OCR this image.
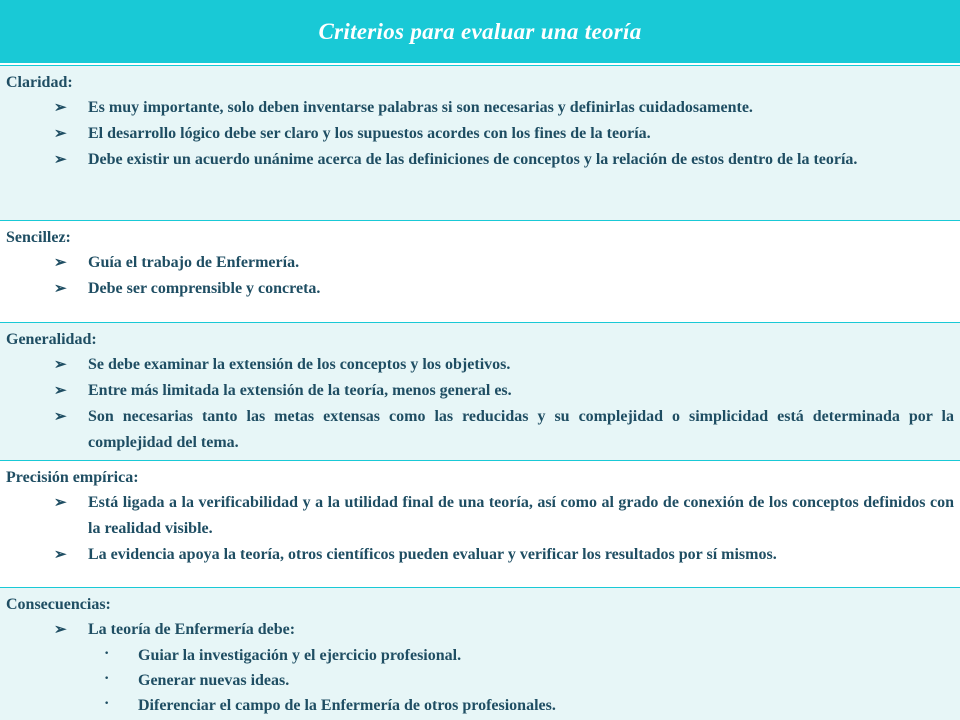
Criterios para evaluar una teoría

Claridad:

➢ Es muy importante, solo deben inventarse palabras si son necesarias y definirlas cuidadosamente.
➢ El desarrollo lógico debe ser claro y los supuestos acordes con los fines de la teoría.
➢ Debe existir un acuerdo unánime acerca de las definiciones de conceptos y la relación de estos dentro de la teoría.

Sencillez:

➢ Guía el trabajo de Enfermería.
➢ Debe ser comprensible y concreta.

Generalidad:

➢ Se debe examinar la extensión de los conceptos y los objetivos.
➢ Entre más limitada la extensión de la teoría, menos general es.
➢ Son necesarias tanto las metas extensas como las reducidas y su complejidad o simplicidad está determinada por la complejidad del tema.

Precisión empírica:

➢ Está ligada a la verificabilidad y a la utilidad final de una teoría, así como al grado de conexión de los conceptos definidos con la realidad visible.
➢ La evidencia apoya la teoría, otros científicos pueden evaluar y verificar los resultados por sí mismos.

Consecuencias:

➢ La teoría de Enfermería debe:
· Guiar la investigación y el ejercicio profesional.
· Generar nuevas ideas.
· Diferenciar el campo de la Enfermería de otros profesionales.
